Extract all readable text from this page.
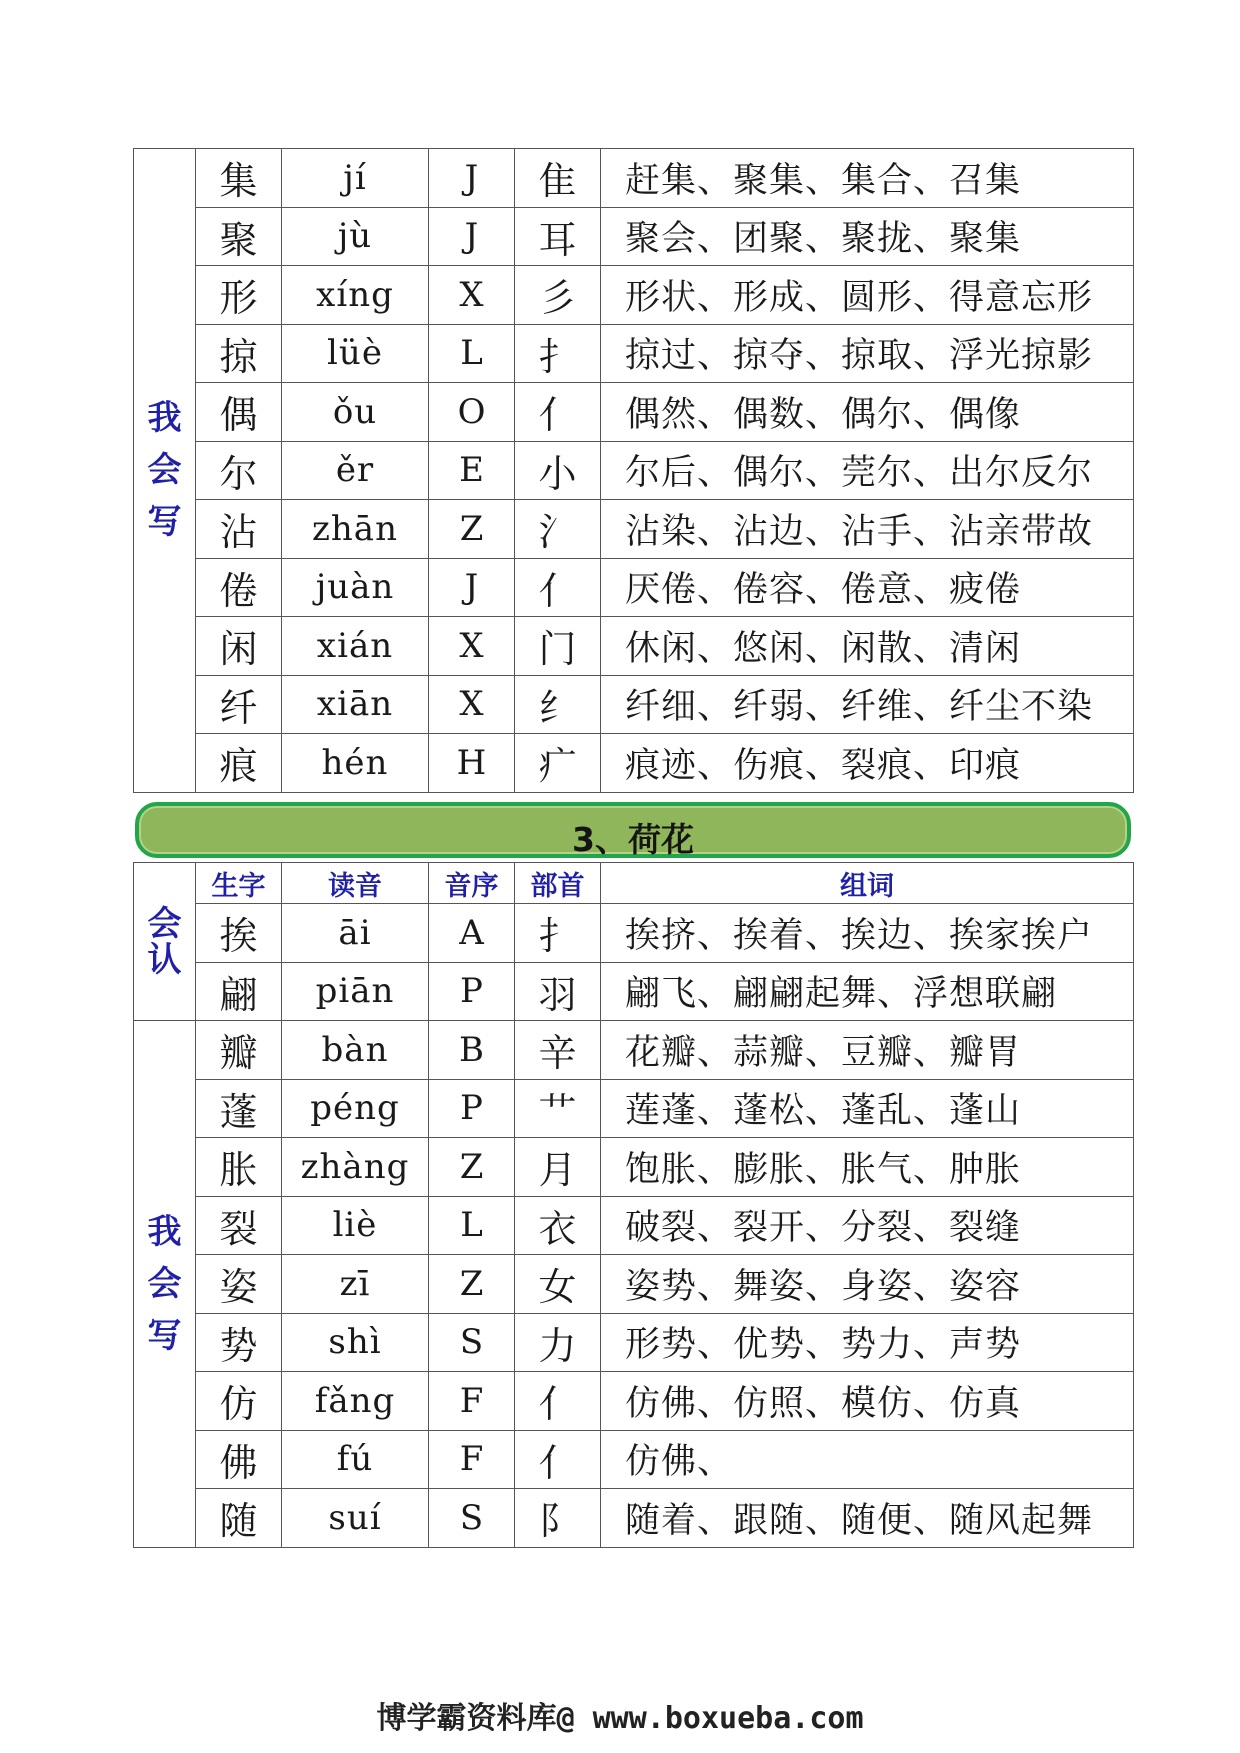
我
会
写	集	jí	J	隹	赶集、聚集、集合、召集
	聚	jù	J	耳	聚会、团聚、聚拢、聚集
	形	xíng	X	彡	形状、形成、圆形、得意忘形
	掠	lüè	L	扌	掠过、掠夺、掠取、浮光掠影
	偶	ǒu	O	亻	偶然、偶数、偶尔、偶像
	尔	ěr	E	小	尔后、偶尔、莞尔、出尔反尔
	沾	zhān	Z	氵	沾染、沾边、沾手、沾亲带故
	倦	juàn	J	亻	厌倦、倦容、倦意、疲倦
	闲	xián	X	门	休闲、悠闲、闲散、清闲
	纤	xiān	X	纟	纤细、纤弱、纤维、纤尘不染
	痕	hén	H	疒	痕迹、伤痕、裂痕、印痕
3、荷花
会
认	生字	读音	音序	部首	组词
	挨	āi	A	扌	挨挤、挨着、挨边、挨家挨户
	翩	piān	P	羽	翩飞、翩翩起舞、浮想联翩

我
会
写	瓣	bàn	B	辛	花瓣、蒜瓣、豆瓣、瓣胃
	蓬	péng	P	艹	莲蓬、蓬松、蓬乱、蓬山
	胀	zhàng	Z	月	饱胀、膨胀、胀气、肿胀
	裂	liè	L	衣	破裂、裂开、分裂、裂缝
	姿	zī	Z	女	姿势、舞姿、身姿、姿容
	势	shì	S	力	形势、优势、势力、声势
	仿	fǎng	F	亻	仿佛、仿照、模仿、仿真
	佛	fú	F	亻	仿佛、
	随	suí	S	阝	随着、跟随、随便、随风起舞
博学霸资料库@ www.boxueba.com
